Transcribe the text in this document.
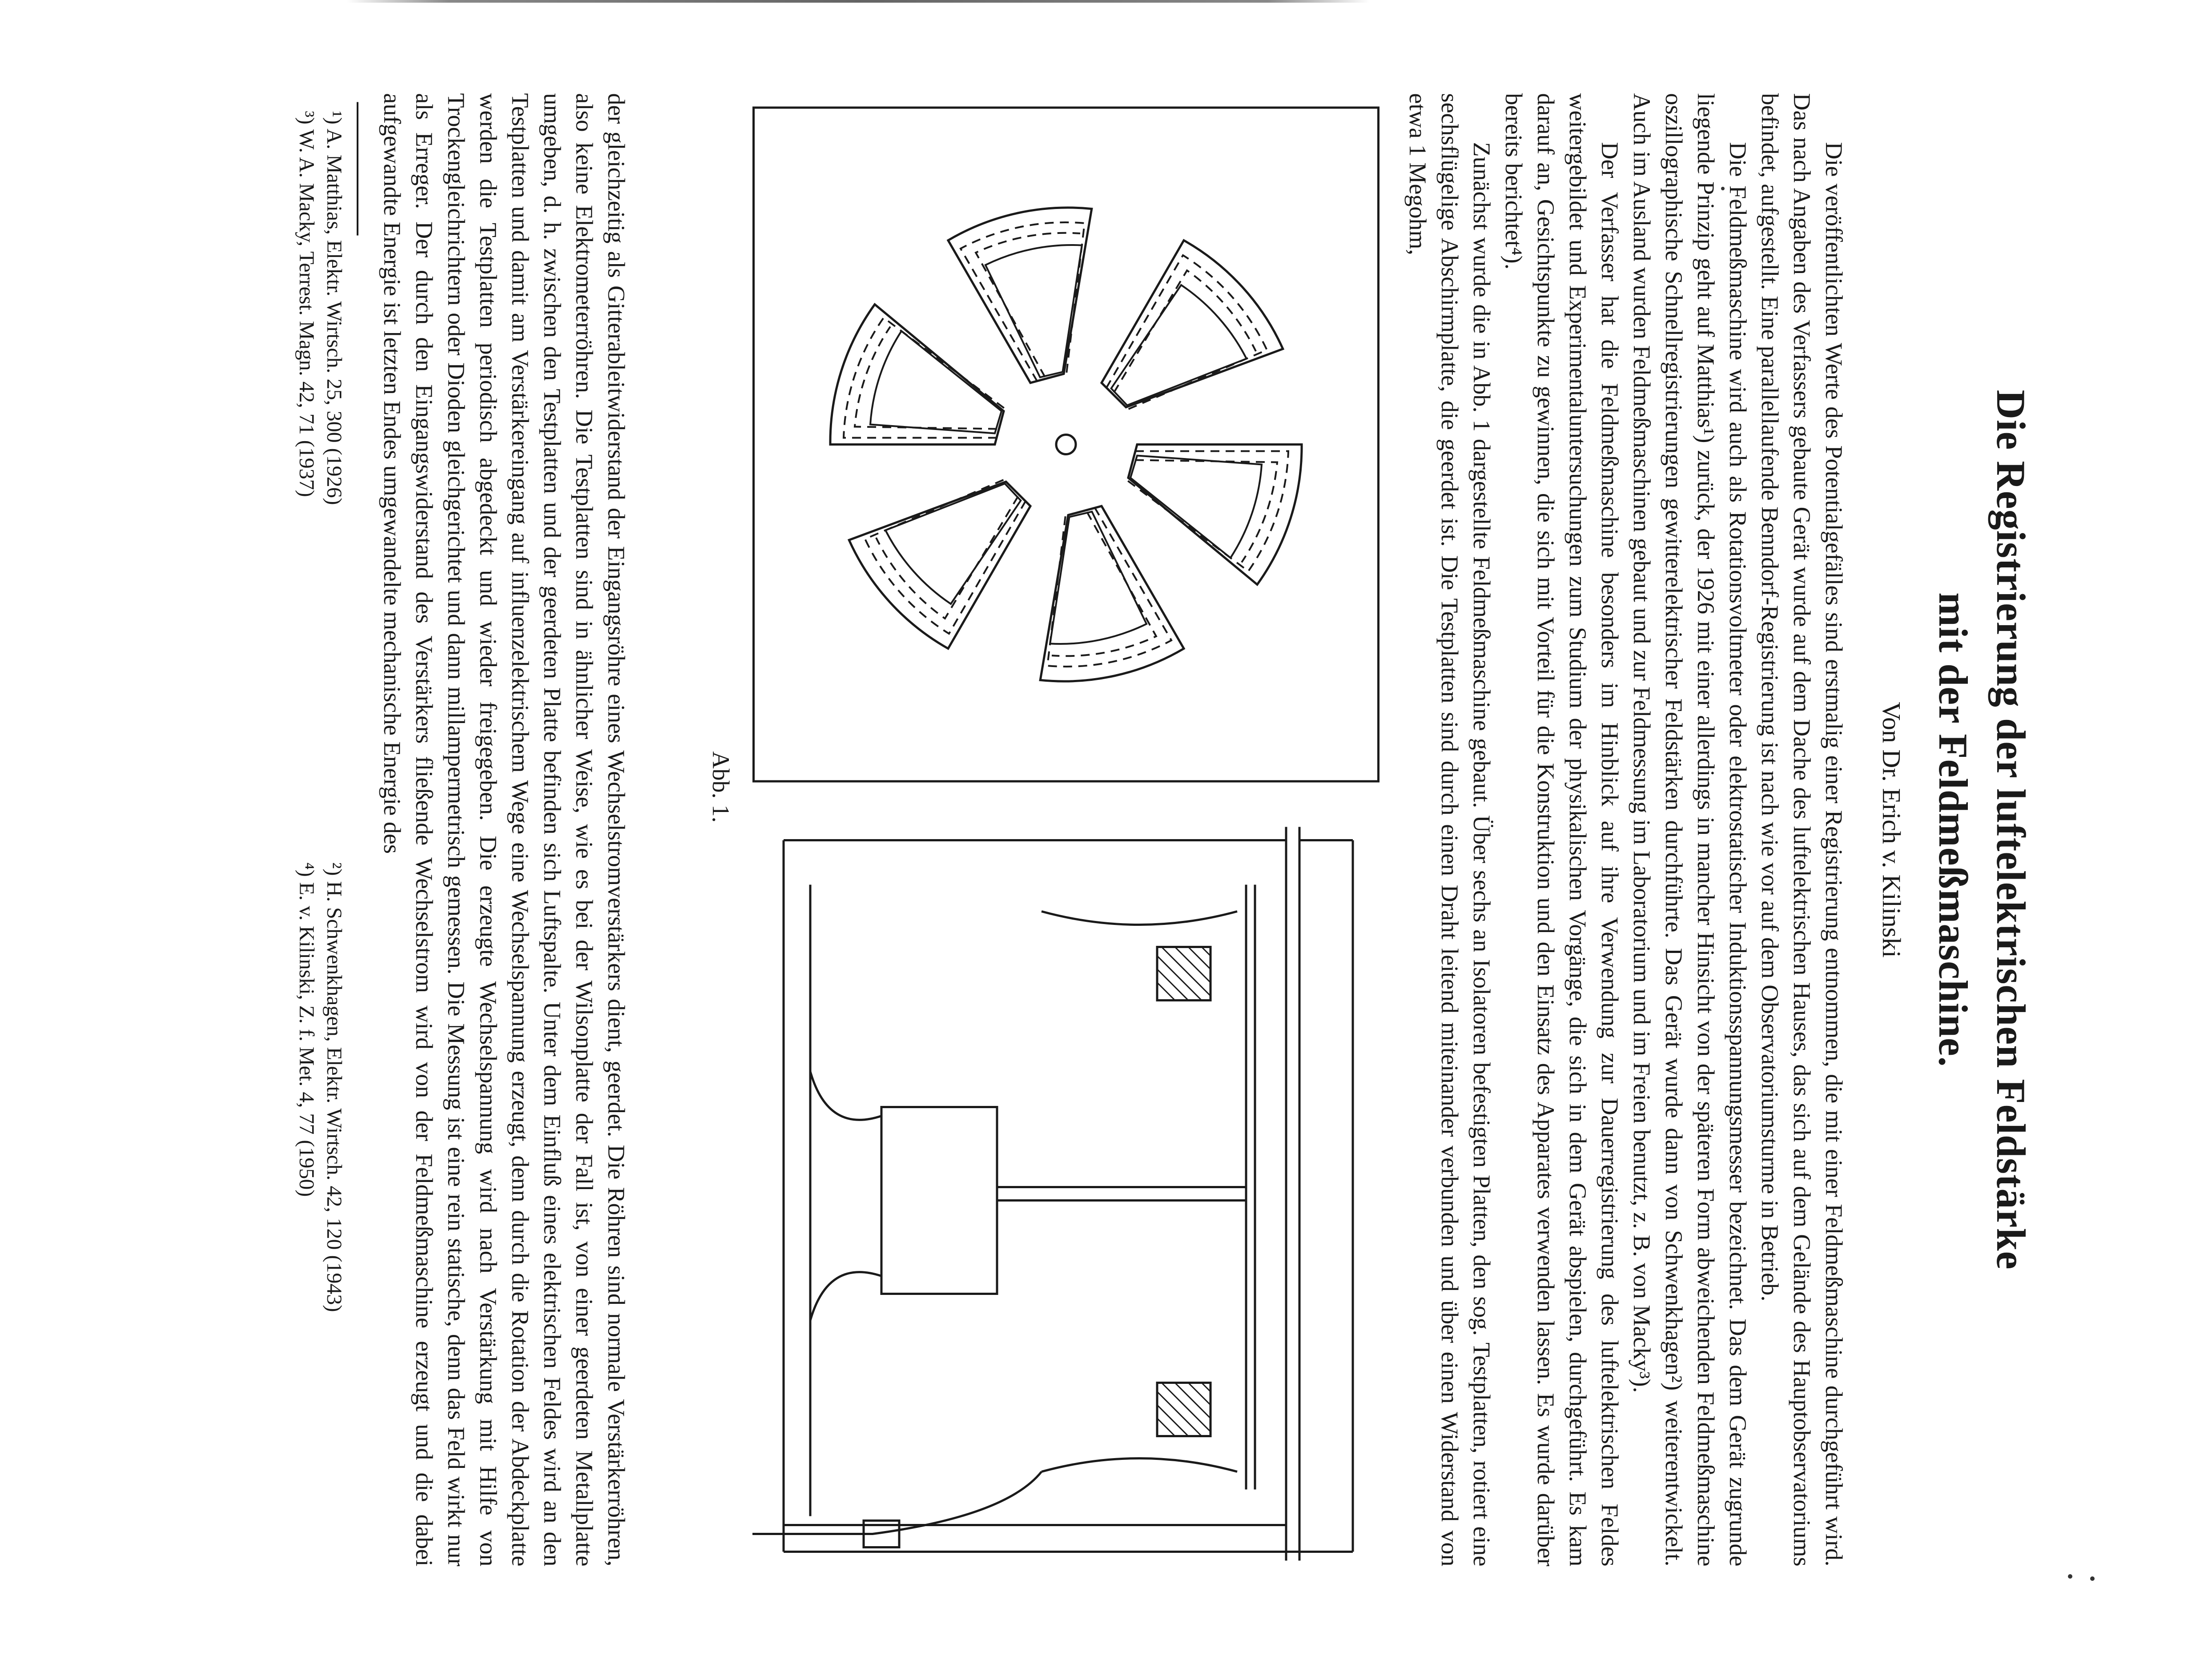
Die Registrierung der luftelektrischen Feldstärke
mit der Feldmeßmaschine.
Von Dr. Erich v. Kilinski

Die veröffentlichten Werte des Potentialgefälles sind erstmalig einer Registrierung entnommen, die mit einer Feldmeßmaschine durchgeführt wird. Das nach Angaben des Verfassers gebaute Gerät wurde auf dem Dache des luftelektrischen Hauses, das sich auf dem Gelände des Hauptobservatoriums befindet, aufgestellt. Eine parallellaufende Benndorf-Registrierung ist nach wie vor auf dem Observatoriumsturme in Betrieb.

Die Feldmeßmaschine wird auch als Rotationsvoltmeter oder elektrostatischer Induktionsspannungsmesser bezeichnet. Das dem Gerät zugrunde liegende Prinzip geht auf Matthias¹) zurück, der 1926 mit einer allerdings in mancher Hinsicht von der späteren Form abweichenden Feldmeßmaschine oszillographische Schnellregistrierungen gewitterelektrischer Feldstärken durchführte. Das Gerät wurde dann von Schwenkhagen²) weiterentwickelt. Auch im Ausland wurden Feldmeßmaschinen gebaut und zur Feldmessung im Laboratorium und im Freien benutzt, z. B. von Macky³).

Der Verfasser hat die Feldmeßmaschine besonders im Hinblick auf ihre Verwendung zur Dauerregistrierung des luftelektrischen Feldes weitergebildet und Experimentaluntersuchungen zum Studium der physikalischen Vorgänge, die sich in dem Gerät abspielen, durchgeführt. Es kam darauf an, Gesichtspunkte zu gewinnen, die sich mit Vorteil für die Konstruktion und den Einsatz des Apparates verwenden lassen. Es wurde darüber bereits berichtet⁴).

Zunächst wurde die in Abb. 1 dargestellte Feldmeßmaschine gebaut. Über sechs an Isolatoren befestigten Platten, den sog. Testplatten, rotiert eine sechsflügelige Abschirmplatte, die geerdet ist. Die Testplatten sind durch einen Draht leitend miteinander verbunden und über einen Widerstand von etwa 1 Megohm,

Abb. 1.

der gleichzeitig als Gitterableitwiderstand der Eingangsröhre eines Wechselstromverstärkers dient, geerdet. Die Röhren sind normale Verstärkerröhren, also keine Elektrometerröhren. Die Testplatten sind in ähnlicher Weise, wie es bei der Wilsonplatte der Fall ist, von einer geerdeten Metallplatte umgeben, d. h. zwischen den Testplatten und der geerdeten Platte befinden sich Luftspalte. Unter dem Einfluß eines elektrischen Feldes wird an den Testplatten und damit am Verstärkereingang auf influenzelektrischem Wege eine Wechselspannung erzeugt, denn durch die Rotation der Abdeckplatte werden die Testplatten periodisch abgedeckt und wieder freigegeben. Die erzeugte Wechselspannung wird nach Verstärkung mit Hilfe von Trockengleichrichtern oder Dioden gleichgerichtet und dann millampermetrisch gemessen. Die Messung ist eine rein statische, denn das Feld wirkt nur als Erreger. Der durch den Eingangswiderstand des Verstärkers fließende Wechselstrom wird von der Feldmeßmaschine erzeugt und die dabei aufgewandte Energie ist letzten Endes umgewandelte mechanische Energie des

¹) A. Matthias, Elektr. Wirtsch. 25, 300 (1926)

³) W. A. Macky, Terrest. Magn. 42, 71 (1937)

²) H. Schwenkhagen, Elektr. Wirtsch. 42, 120 (1943)

⁴) E. v. Kilinski, Z. f. Met. 4, 77 (1950)
